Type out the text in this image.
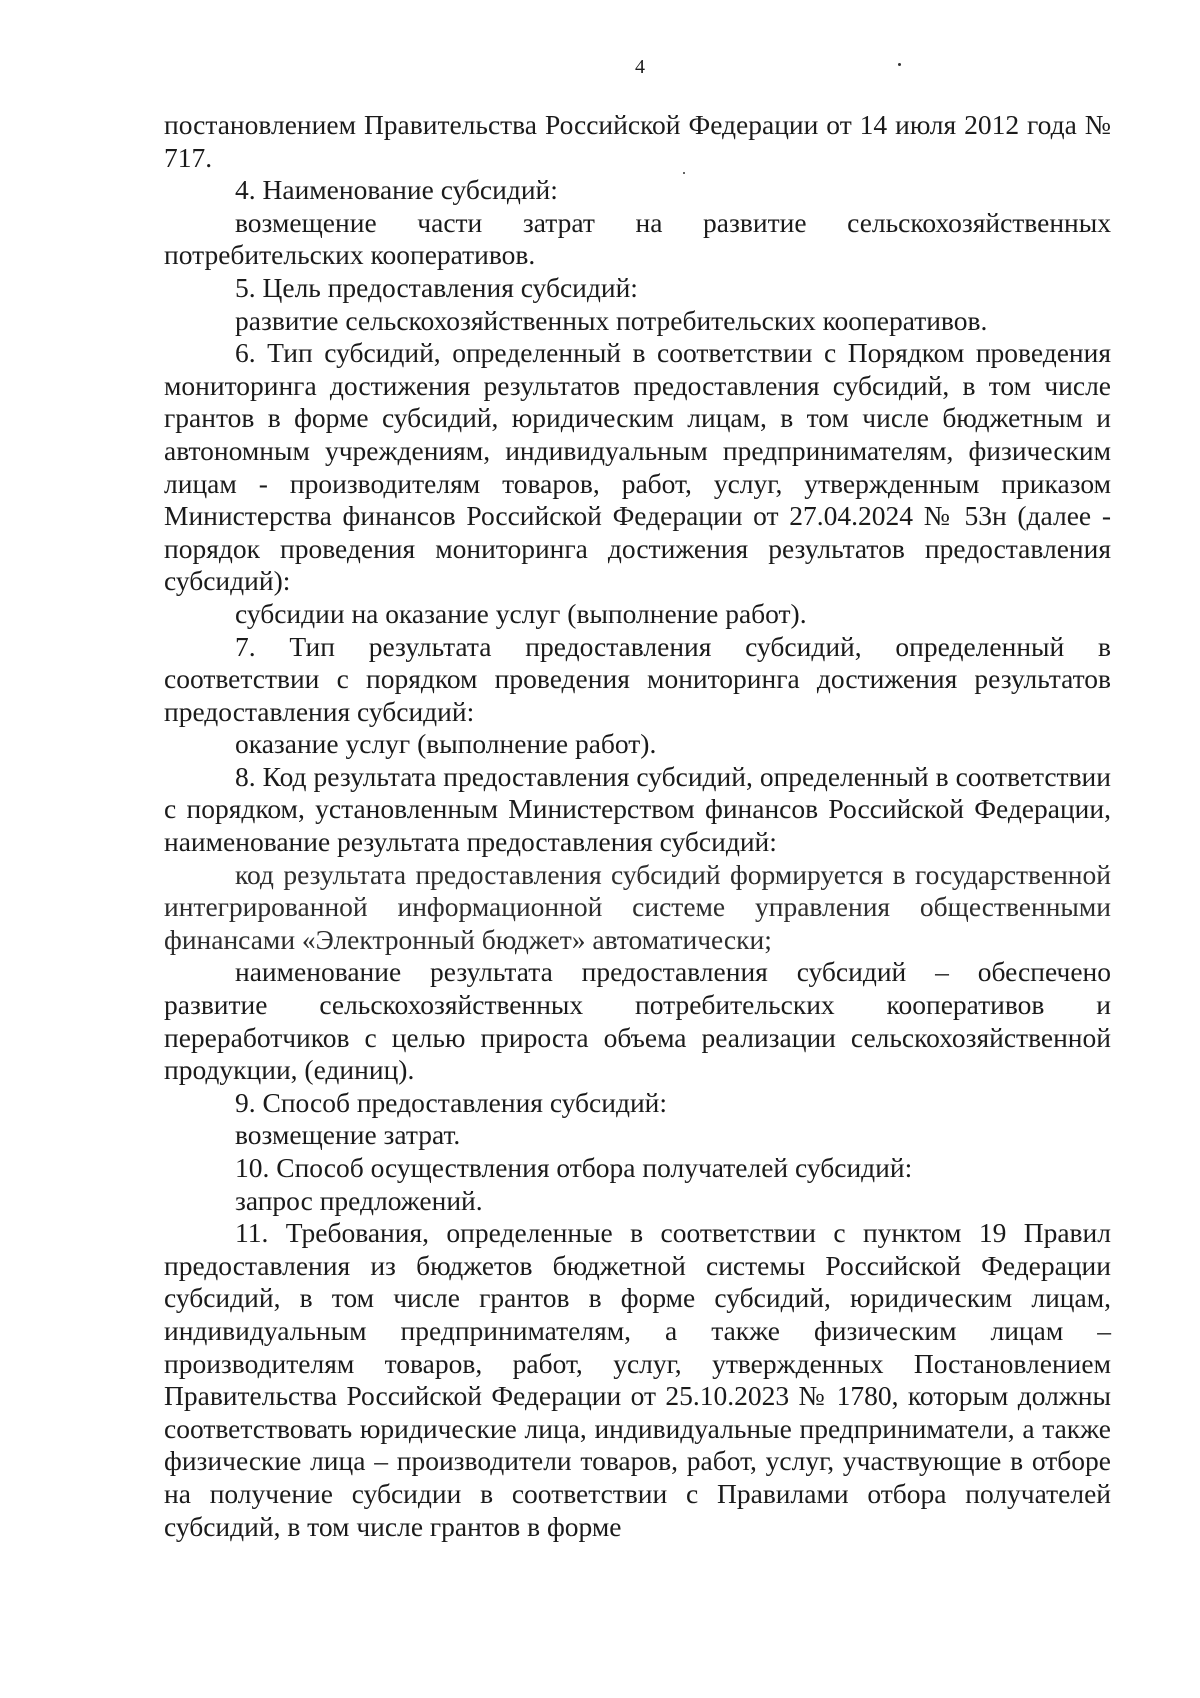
4

постановлением Правительства Российской Федерации от 14 июля 2012 года № 717.

4. Наименование субсидий:

возмещение части затрат на развитие сельскохозяйственных потребительских кооперативов.

5. Цель предоставления субсидий:

развитие сельскохозяйственных потребительских кооперативов.

6. Тип субсидий, определенный в соответствии с Порядком проведения мониторинга достижения результатов предоставления субсидий, в том числе грантов в форме субсидий, юридическим лицам, в том числе бюджетным и автономным учреждениям, индивидуальным предпринимателям, физическим лицам - производителям товаров, работ, услуг, утвержденным приказом Министерства финансов Российской Федерации от 27.04.2024 № 53н (далее - порядок проведения мониторинга достижения результатов предоставления субсидий):

субсидии на оказание услуг (выполнение работ).

7. Тип результата предоставления субсидий, определенный в соответствии с порядком проведения мониторинга достижения результатов предоставления субсидий:

оказание услуг (выполнение работ).

8. Код результата предоставления субсидий, определенный в соответствии с порядком, установленным Министерством финансов Российской Федерации, наименование результата предоставления субсидий:

код результата предоставления субсидий формируется в государственной интегрированной информационной системе управления общественными финансами «Электронный бюджет» автоматически;

наименование результата предоставления субсидий – обеспечено развитие сельскохозяйственных потребительских кооперативов и переработчиков с целью прироста объема реализации сельскохозяйственной продукции, (единиц).

9. Способ предоставления субсидий:

возмещение затрат.

10. Способ осуществления отбора получателей субсидий:

запрос предложений.

11. Требования, определенные в соответствии с пунктом 19 Правил предоставления из бюджетов бюджетной системы Российской Федерации субсидий, в том числе грантов в форме субсидий, юридическим лицам, индивидуальным предпринимателям, а также физическим лицам – производителям товаров, работ, услуг, утвержденных Постановлением Правительства Российской Федерации от 25.10.2023 № 1780, которым должны соответствовать юридические лица, индивидуальные предприниматели, а также физические лица – производители товаров, работ, услуг, участвующие в отборе на получение субсидии в соответствии с Правилами отбора получателей субсидий, в том числе грантов в форме
